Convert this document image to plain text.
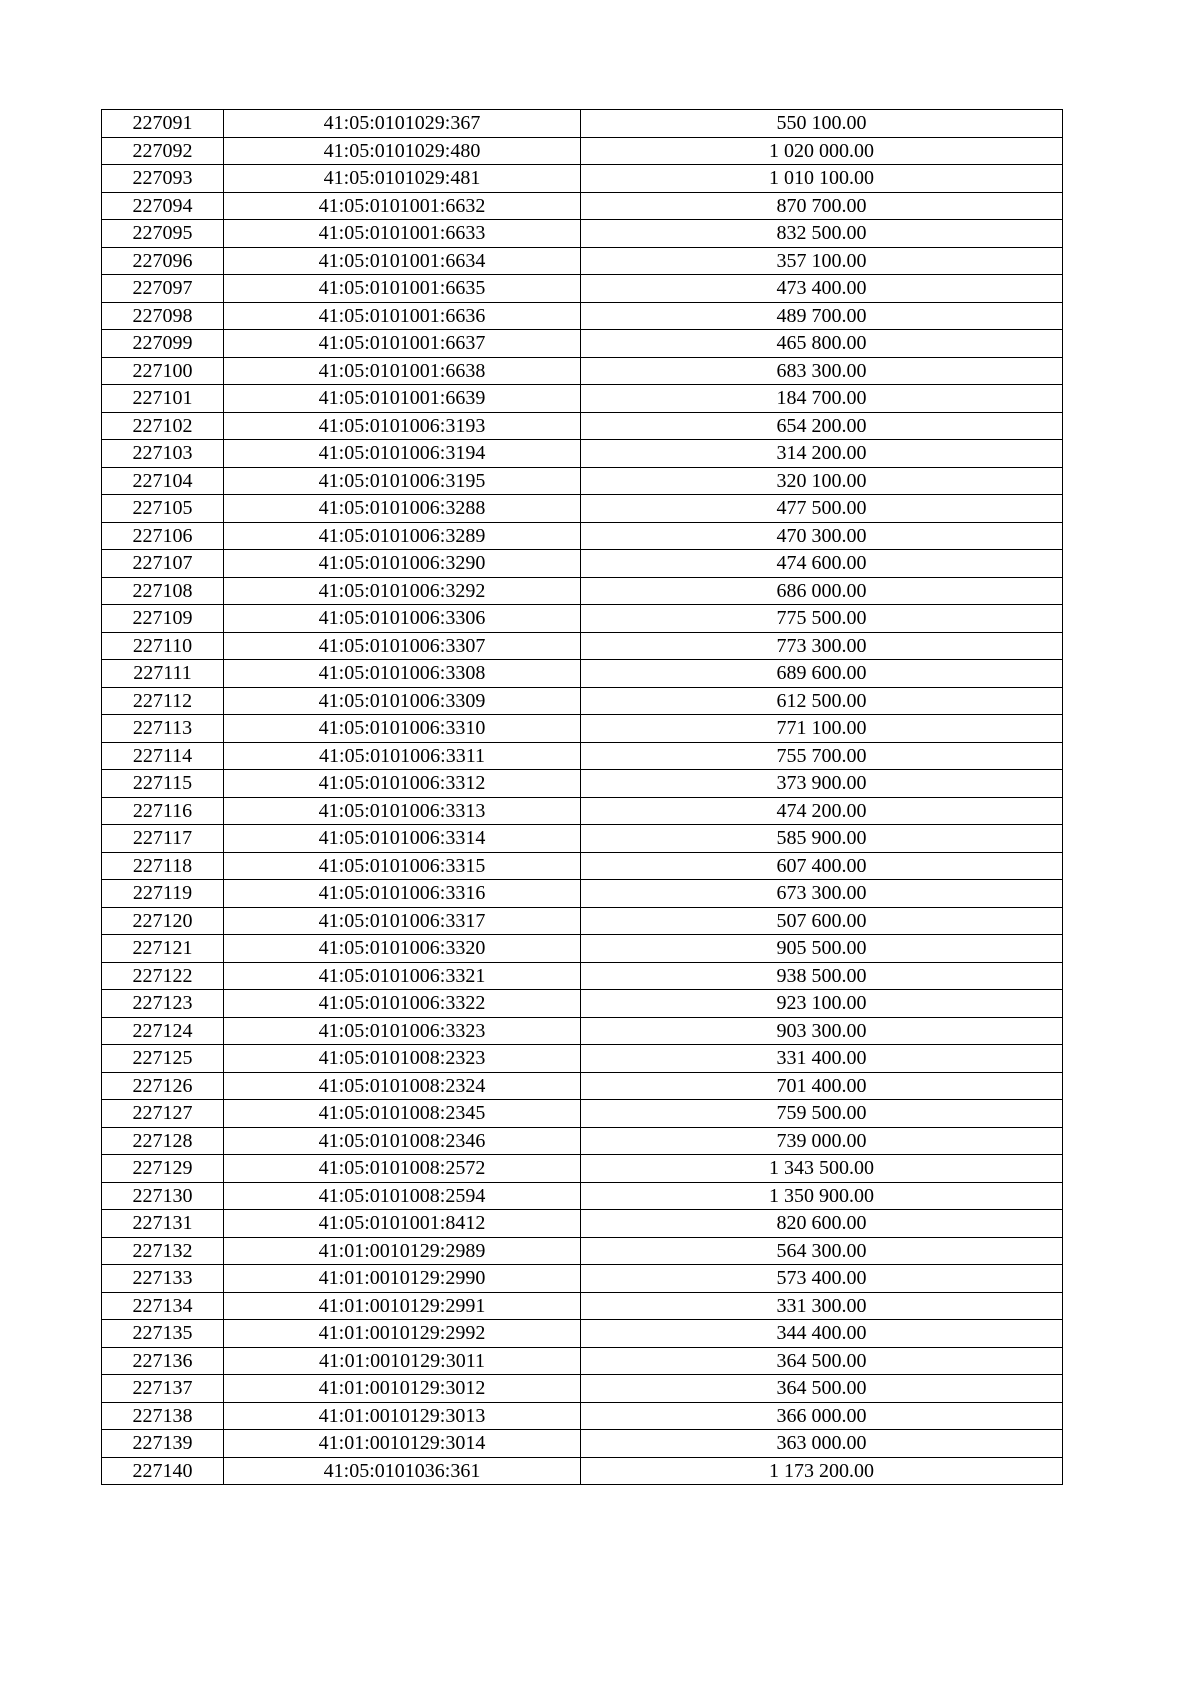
227091	41:05:0101029:367	550 100.00
227092	41:05:0101029:480	1 020 000.00
227093	41:05:0101029:481	1 010 100.00
227094	41:05:0101001:6632	870 700.00
227095	41:05:0101001:6633	832 500.00
227096	41:05:0101001:6634	357 100.00
227097	41:05:0101001:6635	473 400.00
227098	41:05:0101001:6636	489 700.00
227099	41:05:0101001:6637	465 800.00
227100	41:05:0101001:6638	683 300.00
227101	41:05:0101001:6639	184 700.00
227102	41:05:0101006:3193	654 200.00
227103	41:05:0101006:3194	314 200.00
227104	41:05:0101006:3195	320 100.00
227105	41:05:0101006:3288	477 500.00
227106	41:05:0101006:3289	470 300.00
227107	41:05:0101006:3290	474 600.00
227108	41:05:0101006:3292	686 000.00
227109	41:05:0101006:3306	775 500.00
227110	41:05:0101006:3307	773 300.00
227111	41:05:0101006:3308	689 600.00
227112	41:05:0101006:3309	612 500.00
227113	41:05:0101006:3310	771 100.00
227114	41:05:0101006:3311	755 700.00
227115	41:05:0101006:3312	373 900.00
227116	41:05:0101006:3313	474 200.00
227117	41:05:0101006:3314	585 900.00
227118	41:05:0101006:3315	607 400.00
227119	41:05:0101006:3316	673 300.00
227120	41:05:0101006:3317	507 600.00
227121	41:05:0101006:3320	905 500.00
227122	41:05:0101006:3321	938 500.00
227123	41:05:0101006:3322	923 100.00
227124	41:05:0101006:3323	903 300.00
227125	41:05:0101008:2323	331 400.00
227126	41:05:0101008:2324	701 400.00
227127	41:05:0101008:2345	759 500.00
227128	41:05:0101008:2346	739 000.00
227129	41:05:0101008:2572	1 343 500.00
227130	41:05:0101008:2594	1 350 900.00
227131	41:05:0101001:8412	820 600.00
227132	41:01:0010129:2989	564 300.00
227133	41:01:0010129:2990	573 400.00
227134	41:01:0010129:2991	331 300.00
227135	41:01:0010129:2992	344 400.00
227136	41:01:0010129:3011	364 500.00
227137	41:01:0010129:3012	364 500.00
227138	41:01:0010129:3013	366 000.00
227139	41:01:0010129:3014	363 000.00
227140	41:05:0101036:361	1 173 200.00
